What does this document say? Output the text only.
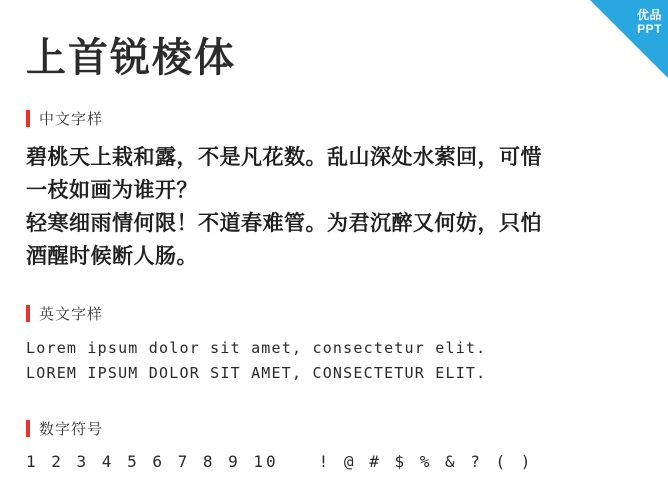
上首锐棱体
中文字样
碧桃天上栽和露，不是凡花数。乱山深处水萦回，可惜
一枝如画为谁开？
轻寒细雨情何限！不道春难管。为君沉醉又何妨，只怕
酒醒时候断人肠。
英文字样
Lorem ipsum dolor sit amet, consectetur elit.
LOREM IPSUM DOLOR SIT AMET, CONSECTETUR ELIT.
数字符号
1 2 3 4 5 6 7 8 9 10	! @ # $ % & ? ( )
优品
PPT
